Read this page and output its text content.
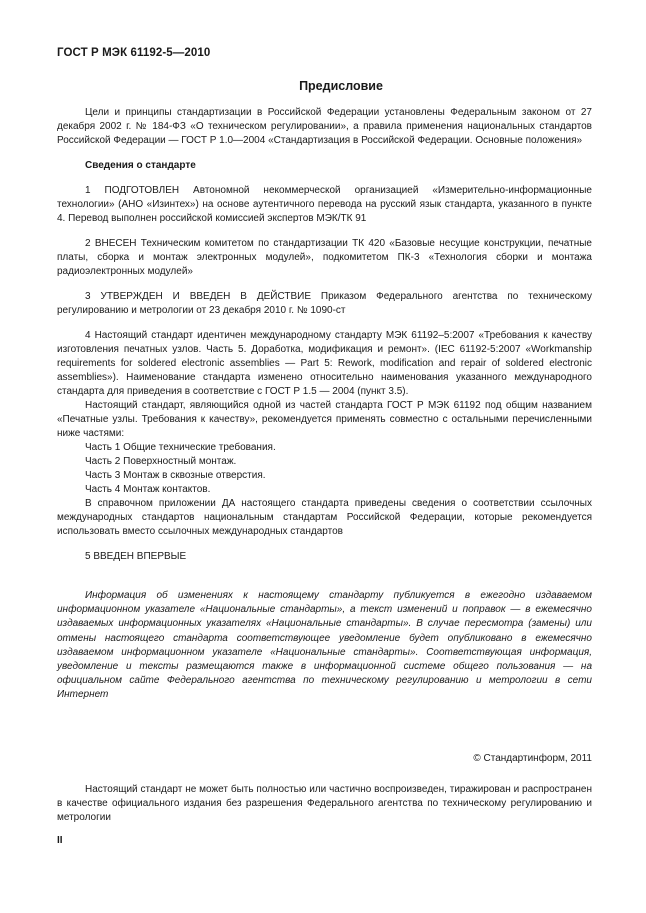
ГОСТ Р МЭК 61192-5—2010
Предисловие

Цели и принципы стандартизации в Российской Федерации установлены Федеральным законом от 27 декабря 2002 г. № 184-ФЗ «О техническом регулировании», а правила применения национальных стандартов Российской Федерации — ГОСТ Р 1.0—2004 «Стандартизация в Российской Федерации. Основные положения»

Сведения о стандарте

1 ПОДГОТОВЛЕН Автономной некоммерческой организацией «Измерительно-информационные технологии» (АНО «Изинтех») на основе аутентичного перевода на русский язык стандарта, указанного в пункте 4. Перевод выполнен российской комиссией экспертов МЭК/ТК 91

2 ВНЕСЕН Техническим комитетом по стандартизации ТК 420 «Базовые несущие конструкции, печатные платы, сборка и монтаж электронных модулей», подкомитетом ПК-3 «Технология сборки и монтажа радиоэлектронных модулей»

3 УТВЕРЖДЕН И ВВЕДЕН В ДЕЙСТВИЕ Приказом Федерального агентства по техническому регулированию и метрологии от 23 декабря 2010 г. № 1090-ст

4 Настоящий стандарт идентичен международному стандарту МЭК 61192–5:2007 «Требования к качеству изготовления печатных узлов. Часть 5. Доработка, модификация и ремонт». (IEC 61192-5:2007 «Workmanship requirements for soldered electronic assemblies — Part 5: Rework, modification and repair of soldered electronic assemblies»). Наименование стандарта изменено относительно наименования указанного международного стандарта для приведения в соответствие с ГОСТ Р 1.5 — 2004 (пункт 3.5).

Настоящий стандарт, являющийся одной из частей стандарта ГОСТ Р МЭК 61192 под общим названием «Печатные узлы. Требования к качеству», рекомендуется применять совместно с остальными перечисленными ниже частями:

Часть 1 Общие технические требования.

Часть 2 Поверхностный монтаж.

Часть 3 Монтаж в сквозные отверстия.

Часть 4 Монтаж контактов.

В справочном приложении ДА настоящего стандарта приведены сведения о соответствии ссылочных международных стандартов национальным стандартам Российской Федерации, которые рекомендуется использовать вместо ссылочных международных стандартов

5 ВВЕДЕН ВПЕРВЫЕ

Информация об изменениях к настоящему стандарту публикуется в ежегодно издаваемом информационном указателе «Национальные стандарты», а текст изменений и поправок — в ежемесячно издаваемых информационных указателях «Национальные стандарты». В случае пересмотра (замены) или отмены настоящего стандарта соответствующее уведомление будет опубликовано в ежемесячно издаваемом информационном указателе «Национальные стандарты». Соответствующая информация, уведомление и тексты размещаются также в информационной системе общего пользования — на официальном сайте Федерального агентства по техническому регулированию и метрологии в сети Интернет
© Стандартинформ, 2011
Настоящий стандарт не может быть полностью или частично воспроизведен, тиражирован и распространен в качестве официального издания без разрешения Федерального агентства по техническому регулированию и метрологии
II
